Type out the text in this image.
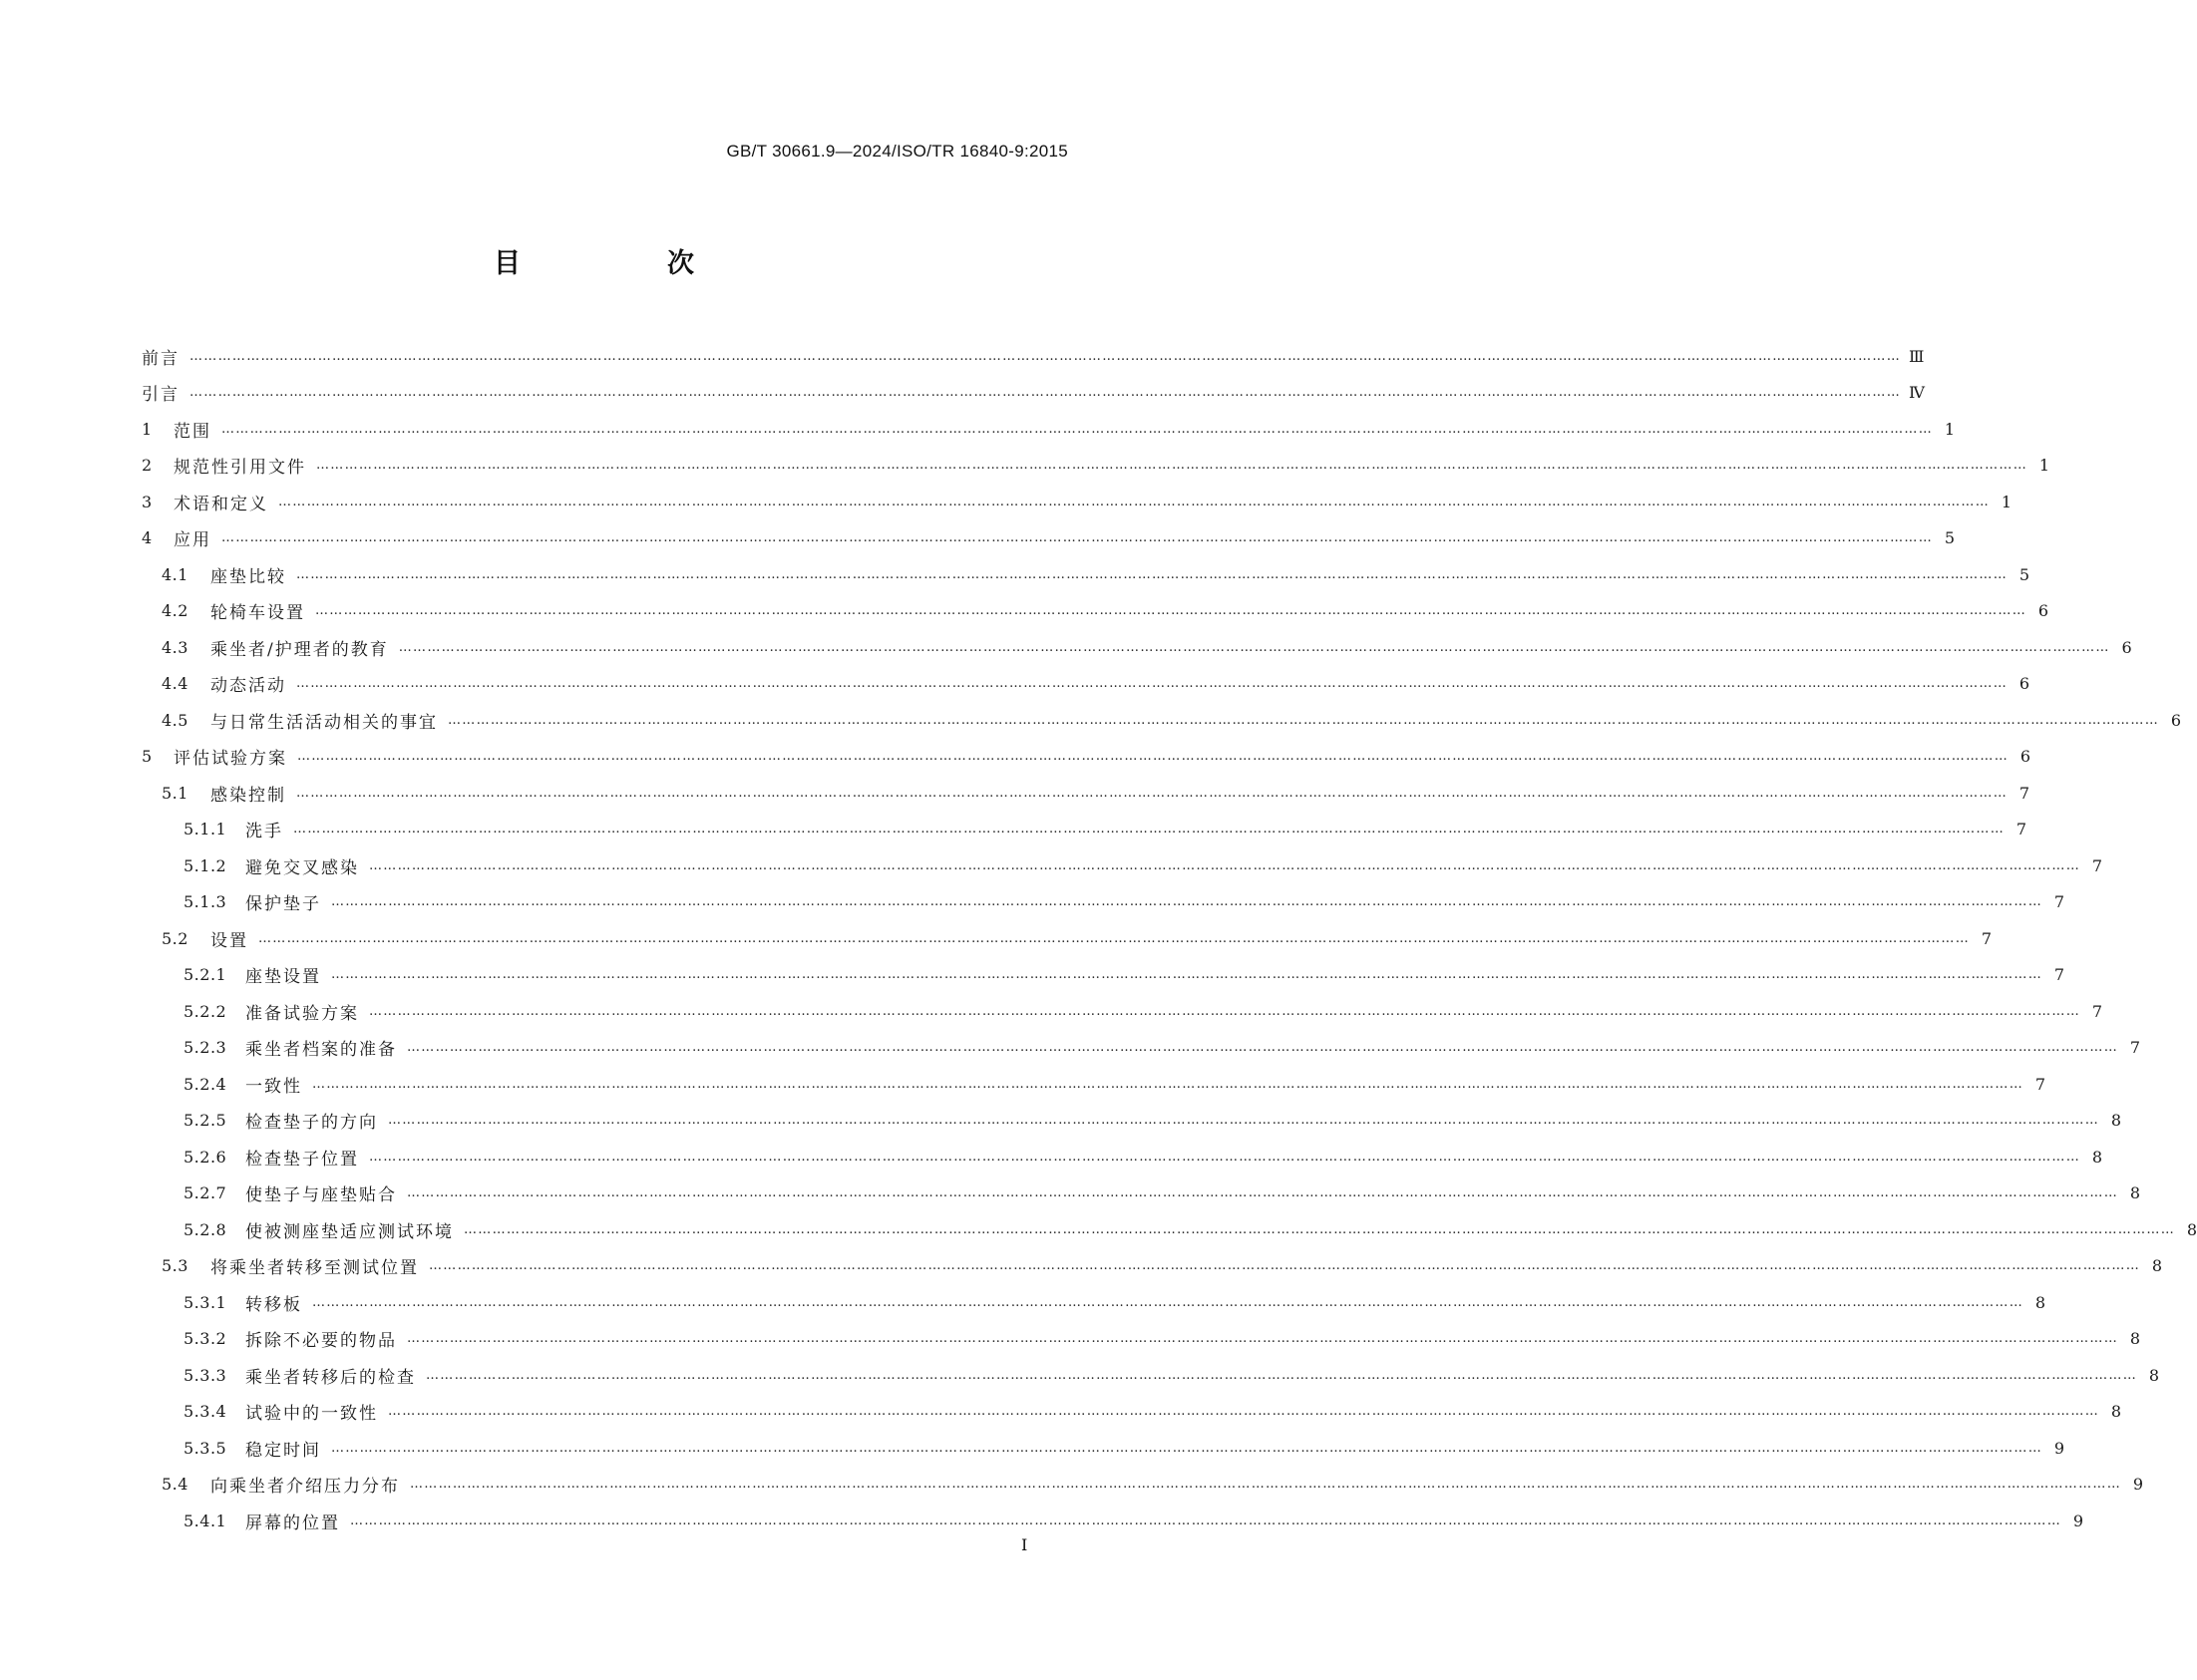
GB/T 30661.9—2024/ISO/TR 16840-9:2015
目　次
前言 ……………………………………………………………………………………………………………………………………………………………………………………………………………………………………………………………………………………………………………………………… Ⅲ
引言 ……………………………………………………………………………………………………………………………………………………………………………………………………………………………………………………………………………………………………………………………… Ⅳ
1	范围 ……………………………………………………………………………………………………………………………………………………………………………………………………………………………………………………………………………………………………………………………… 1
2	规范性引用文件 ……………………………………………………………………………………………………………………………………………………………………………………………………………………………………………………………………………………………………………………………… 1
3	术语和定义 ……………………………………………………………………………………………………………………………………………………………………………………………………………………………………………………………………………………………………………………………… 1
4	应用 ……………………………………………………………………………………………………………………………………………………………………………………………………………………………………………………………………………………………………………………………… 5
4.1	座垫比较 ……………………………………………………………………………………………………………………………………………………………………………………………………………………………………………………………………………………………………………………………… 5
4.2	轮椅车设置 ……………………………………………………………………………………………………………………………………………………………………………………………………………………………………………………………………………………………………………………………… 6
4.3	乘坐者/护理者的教育 ……………………………………………………………………………………………………………………………………………………………………………………………………………………………………………………………………………………………………………………………… 6
4.4	动态活动 ……………………………………………………………………………………………………………………………………………………………………………………………………………………………………………………………………………………………………………………………… 6
4.5	与日常生活活动相关的事宜 ……………………………………………………………………………………………………………………………………………………………………………………………………………………………………………………………………………………………………………………………… 6
5	评估试验方案 ……………………………………………………………………………………………………………………………………………………………………………………………………………………………………………………………………………………………………………………………… 6
5.1	感染控制 ……………………………………………………………………………………………………………………………………………………………………………………………………………………………………………………………………………………………………………………………… 7
5.1.1	洗手 ……………………………………………………………………………………………………………………………………………………………………………………………………………………………………………………………………………………………………………………………… 7
5.1.2	避免交叉感染 ……………………………………………………………………………………………………………………………………………………………………………………………………………………………………………………………………………………………………………………………… 7
5.1.3	保护垫子 ……………………………………………………………………………………………………………………………………………………………………………………………………………………………………………………………………………………………………………………………… 7
5.2	设置 ……………………………………………………………………………………………………………………………………………………………………………………………………………………………………………………………………………………………………………………………… 7
5.2.1	座垫设置 ……………………………………………………………………………………………………………………………………………………………………………………………………………………………………………………………………………………………………………………………… 7
5.2.2	准备试验方案 ……………………………………………………………………………………………………………………………………………………………………………………………………………………………………………………………………………………………………………………………… 7
5.2.3	乘坐者档案的准备 ……………………………………………………………………………………………………………………………………………………………………………………………………………………………………………………………………………………………………………………………… 7
5.2.4	一致性 ……………………………………………………………………………………………………………………………………………………………………………………………………………………………………………………………………………………………………………………………… 7
5.2.5	检查垫子的方向 ……………………………………………………………………………………………………………………………………………………………………………………………………………………………………………………………………………………………………………………………… 8
5.2.6	检查垫子位置 ……………………………………………………………………………………………………………………………………………………………………………………………………………………………………………………………………………………………………………………………… 8
5.2.7	使垫子与座垫贴合 ……………………………………………………………………………………………………………………………………………………………………………………………………………………………………………………………………………………………………………………………… 8
5.2.8	使被测座垫适应测试环境 ……………………………………………………………………………………………………………………………………………………………………………………………………………………………………………………………………………………………………………………………… 8
5.3	将乘坐者转移至测试位置 ……………………………………………………………………………………………………………………………………………………………………………………………………………………………………………………………………………………………………………………………… 8
5.3.1	转移板 ……………………………………………………………………………………………………………………………………………………………………………………………………………………………………………………………………………………………………………………………… 8
5.3.2	拆除不必要的物品 ……………………………………………………………………………………………………………………………………………………………………………………………………………………………………………………………………………………………………………………………… 8
5.3.3	乘坐者转移后的检查 ……………………………………………………………………………………………………………………………………………………………………………………………………………………………………………………………………………………………………………………………… 8
5.3.4	试验中的一致性 ……………………………………………………………………………………………………………………………………………………………………………………………………………………………………………………………………………………………………………………………… 8
5.3.5	稳定时间 ……………………………………………………………………………………………………………………………………………………………………………………………………………………………………………………………………………………………………………………………… 9
5.4	向乘坐者介绍压力分布 ……………………………………………………………………………………………………………………………………………………………………………………………………………………………………………………………………………………………………………………………… 9
5.4.1	屏幕的位置 ……………………………………………………………………………………………………………………………………………………………………………………………………………………………………………………………………………………………………………………………… 9
Ⅰ
